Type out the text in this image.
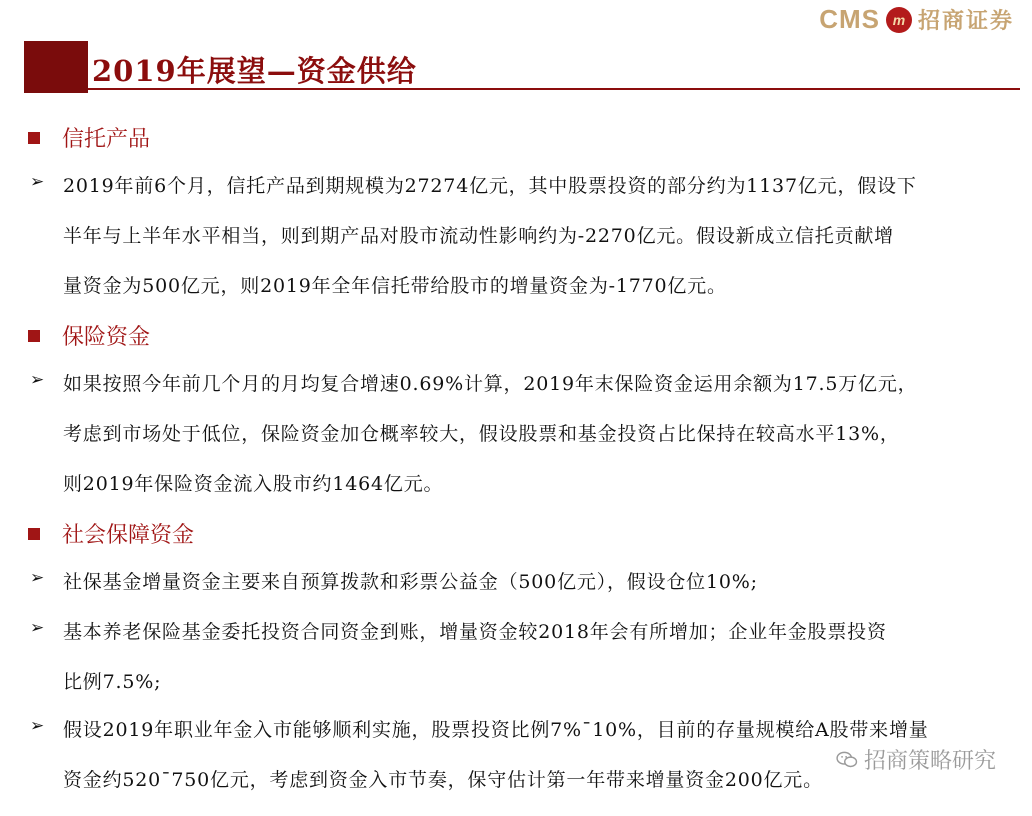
CMS m 招商证券
2019年展望—资金供给
信托产品
➢ 2019年前6个月，信托产品到期规模为27274亿元，其中股票投资的部分约为1137亿元，假设下
半年与上半年水平相当，则到期产品对股市流动性影响约为-2270亿元。假设新成立信托贡献增
量资金为500亿元，则2019年全年信托带给股市的增量资金为-1770亿元。
保险资金
➢ 如果按照今年前几个月的月均复合增速0.69%计算，2019年末保险资金运用余额为17.5万亿元，
考虑到市场处于低位，保险资金加仓概率较大，假设股票和基金投资占比保持在较高水平13%，
则2019年保险资金流入股市约1464亿元。
社会保障资金
➢ 社保基金增量资金主要来自预算拨款和彩票公益金（500亿元），假设仓位10%;
➢ 基本养老保险基金委托投资合同资金到账，增量资金较2018年会有所增加；企业年金股票投资
比例7.5%;
➢ 假设2019年职业年金入市能够顺利实施，股票投资比例7%¯10%，目前的存量规模给A股带来增量
资金约520¯750亿元，考虑到资金入市节奏，保守估计第一年带来增量资金200亿元。
招商策略研究
